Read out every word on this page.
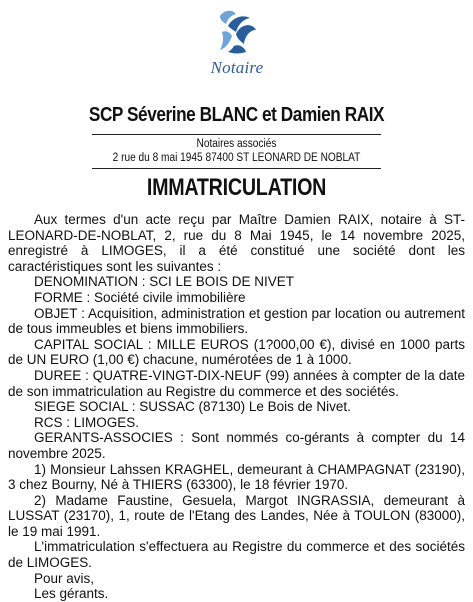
Notaire
SCP Séverine BLANC et Damien RAIX
Notaires associés
2 rue du 8 mai 1945 87400 ST LEONARD DE NOBLAT
IMMATRICULATION

Aux termes d'un acte reçu par Maître Damien RAIX, notaire à ST-LEONARD-DE-NOBLAT, 2, rue du 8 Mai 1945, le 14 novembre 2025, enregistré à LIMOGES, il a été constitué une société dont les caractéristiques sont les suivantes :

DENOMINATION : SCI LE BOIS DE NIVET

FORME : Société civile immobilière

OBJET : Acquisition, administration et gestion par location ou autrement de tous immeubles et biens immobiliers.

CAPITAL SOCIAL : MILLE EUROS (1?000,00 €), divisé en 1000 parts de UN EURO (1,00 €) chacune, numérotées de 1 à 1000.

DUREE : QUATRE-VINGT-DIX-NEUF (99) années à compter de la date de son immatriculation au Registre du commerce et des sociétés.

SIEGE SOCIAL : SUSSAC (87130) Le Bois de Nivet.

RCS : LIMOGES.

GERANTS-ASSOCIES : Sont nommés co-gérants à compter du 14 novembre 2025.

1) Monsieur Lahssen KRAGHEL, demeurant à CHAMPAGNAT (23190), 3 chez Bourny, Né à THIERS (63300), le 18 février 1970.

2) Madame Faustine, Gesuela, Margot INGRASSIA, demeurant à LUSSAT (23170), 1, route de l'Etang des Landes, Née à TOULON (83000), le 19 mai 1991.

L'immatriculation s'effectuera au Registre du commerce et des sociétés de LIMOGES.

Pour avis,

Les gérants.
